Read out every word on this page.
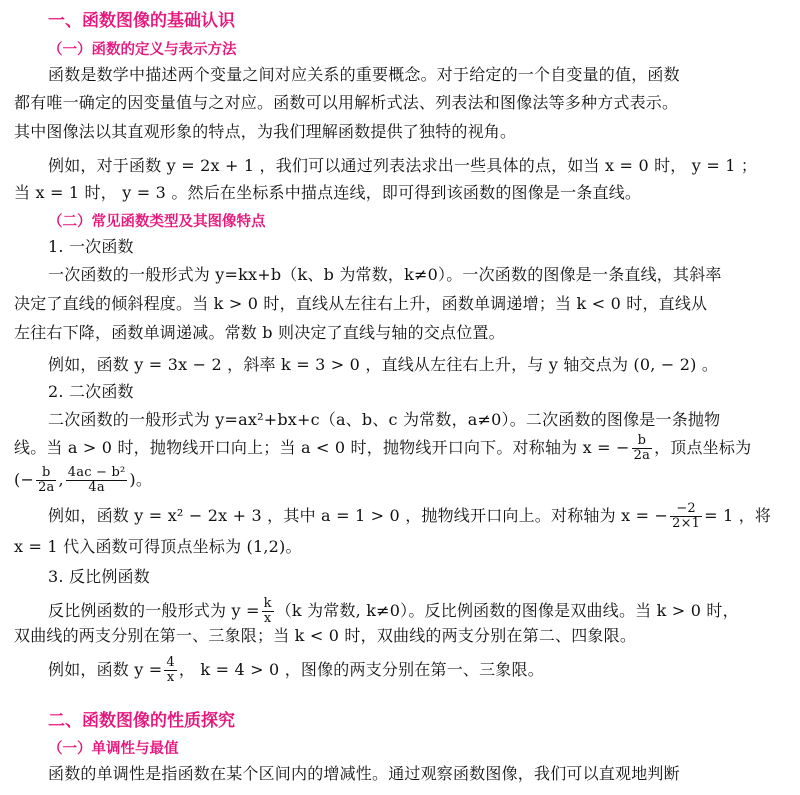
一、函数图像的基础认识
（一）函数的定义与表示方法
函数是数学中描述两个变量之间对应关系的重要概念。对于给定的一个自变量的值，函数
都有唯一确定的因变量值与之对应。函数可以用解析式法、列表法和图像法等多种方式表示。
其中图像法以其直观形象的特点，为我们理解函数提供了独特的视角。
例如，对于函数 y = 2x + 1 ，我们可以通过列表法求出一些具体的点，如当 x = 0 时， y = 1 ；
当 x = 1 时， y = 3 。然后在坐标系中描点连线，即可得到该函数的图像是一条直线。
（二）常见函数类型及其图像特点
1. 一次函数
一次函数的一般形式为 y=kx+b（k、b 为常数，k≠0）。一次函数的图像是一条直线，其斜率
决定了直线的倾斜程度。当 k > 0 时，直线从左往右上升，函数单调递增；当 k < 0 时，直线从
左往右下降，函数单调递减。常数 b 则决定了直线与轴的交点位置。
例如，函数 y = 3x − 2 ，斜率 k = 3 > 0 ，直线从左往右上升，与 y 轴交点为 (0, − 2) 。
2. 二次函数
二次函数的一般形式为 y=ax²+bx+c（a、b、c 为常数，a≠0）。二次函数的图像是一条抛物
线。当 a > 0 时，抛物线开口向上；当 a < 0 时，抛物线开口向下。对称轴为 x = − $\frac{b}{2a}$ ，顶点坐标为
(− $\frac{b}{2a}$ , $\frac{\text{4ac − b²}}{4a}$ )。
例如，函数 y = x² − 2x + 3 ，其中 a = 1 > 0 ，抛物线开口向上。对称轴为 x = − $\frac{-2}{2\times 1} = 1$ ，将
x = 1 代入函数可得顶点坐标为 (1,2)。
3. 反比例函数
反比例函数的一般形式为 $y = \frac{k}{x} (k$ 为常数, k≠0）。反比例函数的图像是双曲线。当 k > 0 时，
双曲线的两支分别在第一、三象限；当 k < 0 时，双曲线的两支分别在第二、四象限。
例如，函数 $y = \frac{4}{x}$ ， k = 4 > 0 ，图像的两支分别在第一、三象限。
二、函数图像的性质探究
（一）单调性与最值
函数的单调性是指函数在某个区间内的增减性。通过观察函数图像，我们可以直观地判断
